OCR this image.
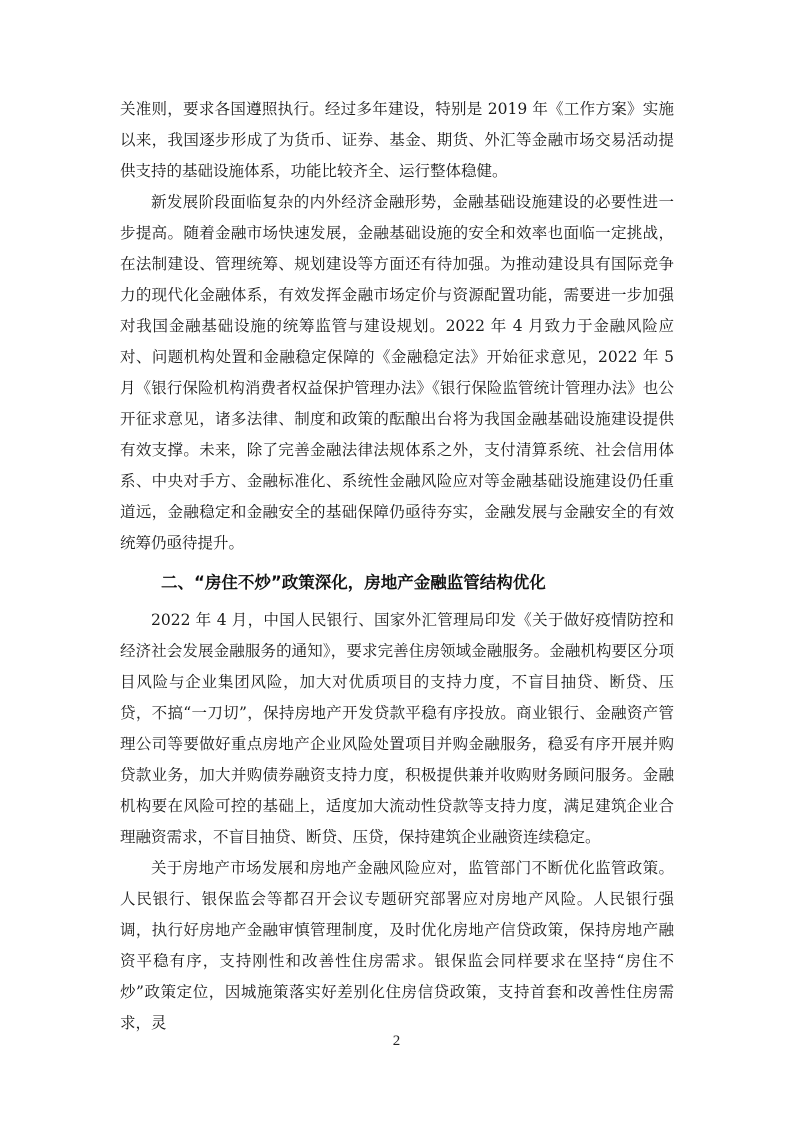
关准则，要求各国遵照执行。经过多年建设，特别是 2019 年《工作方案》实施以来，我国逐步形成了为货币、证券、基金、期货、外汇等金融市场交易活动提供支持的基础设施体系，功能比较齐全、运行整体稳健。

新发展阶段面临复杂的内外经济金融形势，金融基础设施建设的必要性进一步提高。随着金融市场快速发展，金融基础设施的安全和效率也面临一定挑战，在法制建设、管理统筹、规划建设等方面还有待加强。为推动建设具有国际竞争力的现代化金融体系，有效发挥金融市场定价与资源配置功能，需要进一步加强对我国金融基础设施的统筹监管与建设规划。2022 年 4 月致力于金融风险应对、问题机构处置和金融稳定保障的《金融稳定法》开始征求意见，2022 年 5 月《银行保险机构消费者权益保护管理办法》《银行保险监管统计管理办法》也公开征求意见，诸多法律、制度和政策的酝酿出台将为我国金融基础设施建设提供有效支撑。未来，除了完善金融法律法规体系之外，支付清算系统、社会信用体系、中央对手方、金融标准化、系统性金融风险应对等金融基础设施建设仍任重道远，金融稳定和金融安全的基础保障仍亟待夯实，金融发展与金融安全的有效统筹仍亟待提升。

二、“房住不炒”政策深化，房地产金融监管结构优化

2022 年 4 月，中国人民银行、国家外汇管理局印发《关于做好疫情防控和经济社会发展金融服务的通知》，要求完善住房领域金融服务。金融机构要区分项目风险与企业集团风险，加大对优质项目的支持力度，不盲目抽贷、断贷、压贷，不搞“一刀切”，保持房地产开发贷款平稳有序投放。商业银行、金融资产管理公司等要做好重点房地产企业风险处置项目并购金融服务，稳妥有序开展并购贷款业务，加大并购债券融资支持力度，积极提供兼并收购财务顾问服务。金融机构要在风险可控的基础上，适度加大流动性贷款等支持力度，满足建筑企业合理融资需求，不盲目抽贷、断贷、压贷，保持建筑企业融资连续稳定。

关于房地产市场发展和房地产金融风险应对，监管部门不断优化监管政策。人民银行、银保监会等都召开会议专题研究部署应对房地产风险。人民银行强调，执行好房地产金融审慎管理制度，及时优化房地产信贷政策，保持房地产融资平稳有序，支持刚性和改善性住房需求。银保监会同样要求在坚持“房住不炒”政策定位，因城施策落实好差别化住房信贷政策，支持首套和改善性住房需求，灵

2
